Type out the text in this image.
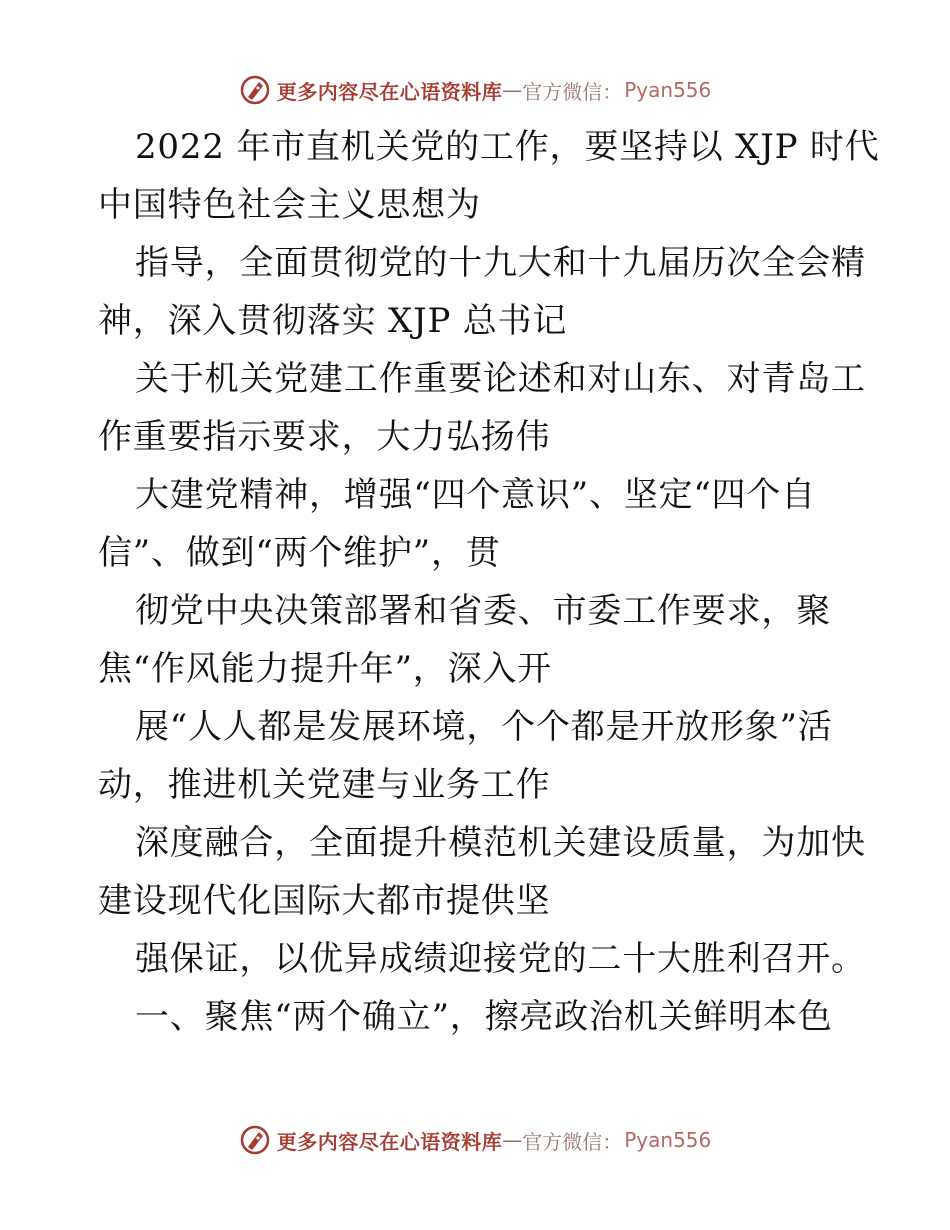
更多内容尽在心语资料库 — 官方微信： Pyan556
2022 年市直机关党的工作，要坚持以 XJP 时代
中国特色社会主义思想为
指导，全面贯彻党的十九大和十九届历次全会精
神，深入贯彻落实 XJP 总书记
关于机关党建工作重要论述和对山东、对青岛工
作重要指示要求，大力弘扬伟
大建党精神，增强“四个意识”、坚定“四个自
信”、做到“两个维护”，贯
彻党中央决策部署和省委、市委工作要求，聚
焦“作风能力提升年”，深入开
展“人人都是发展环境，个个都是开放形象”活
动，推进机关党建与业务工作
深度融合，全面提升模范机关建设质量，为加快
建设现代化国际大都市提供坚
强保证，以优异成绩迎接党的二十大胜利召开。
一、聚焦“两个确立”，擦亮政治机关鲜明本色
更多内容尽在心语资料库 — 官方微信： Pyan556
